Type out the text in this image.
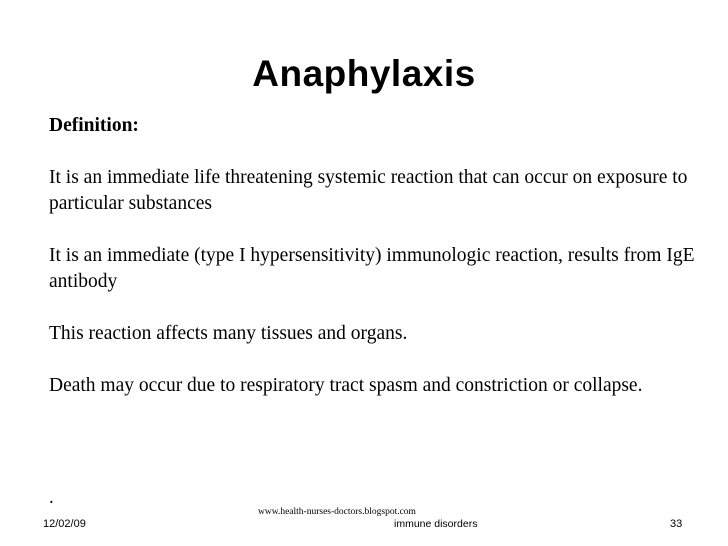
Anaphylaxis
Definition:
It is an immediate life threatening systemic reaction that can occur on exposure to particular substances
It is an immediate (type I hypersensitivity) immunologic reaction, results from IgE antibody
This reaction affects many tissues and organs.
Death may occur due to respiratory tract spasm and constriction or collapse.
.
www.health-nurses-doctors.blogspot.com
12/02/09	immune disorders	33
